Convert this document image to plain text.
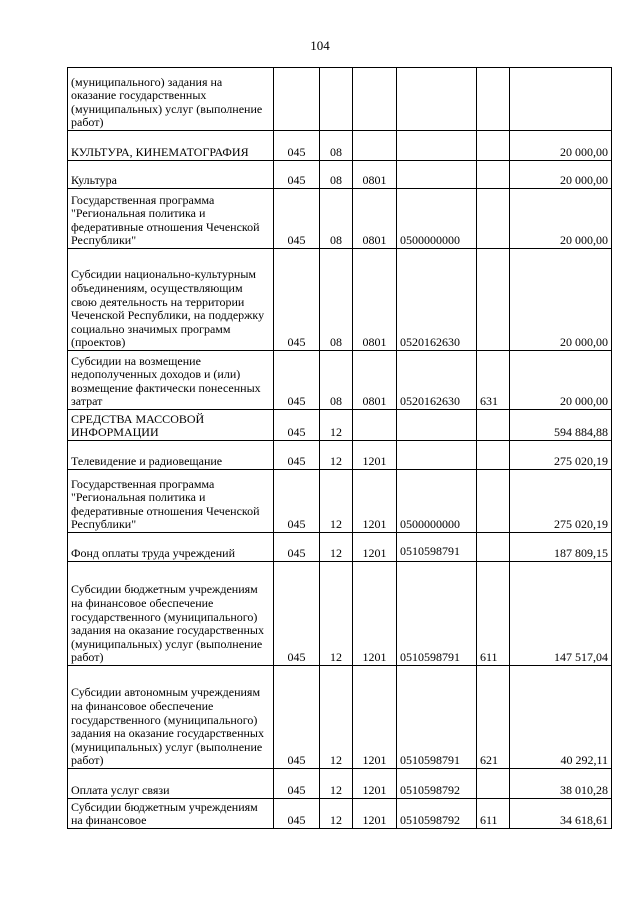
104
(муниципального) задания на оказание государственных (муниципальных) услуг (выполнение работ)						
КУЛЬТУРА, КИНЕМАТОГРАФИЯ	045	08				20 000,00
Культура	045	08	0801			20 000,00
Государственная программа "Региональная политика и федеративные отношения Чеченской Республики"	045	08	0801	0500000000		20 000,00
Субсидии национально-культурным объединениям, осуществляющим свою деятельность на территории Чеченской Республики, на поддержку социально значимых программ (проектов)	045	08	0801	0520162630		20 000,00
Субсидии на возмещение недополученных доходов и (или) возмещение фактически понесенных затрат	045	08	0801	0520162630	631	20 000,00
СРЕДСТВА МАССОВОЙ ИНФОРМАЦИИ	045	12				594 884,88
Телевидение и радиовещание	045	12	1201			275 020,19
Государственная программа "Региональная политика и федеративные отношения Чеченской Республики"	045	12	1201	0500000000		275 020,19
Фонд оплаты труда учреждений	045	12	1201	0510598791		187 809,15
Субсидии бюджетным учреждениям на финансовое обеспечение государственного (муниципального) задания на оказание государственных (муниципальных) услуг (выполнение работ)	045	12	1201	0510598791	611	147 517,04
Субсидии автономным учреждениям на финансовое обеспечение государственного (муниципального) задания на оказание государственных (муниципальных) услуг (выполнение работ)	045	12	1201	0510598791	621	40 292,11
Оплата услуг связи	045	12	1201	0510598792		38 010,28
Субсидии бюджетным учреждениям на финансовое	045	12	1201	0510598792	611	34 618,61
